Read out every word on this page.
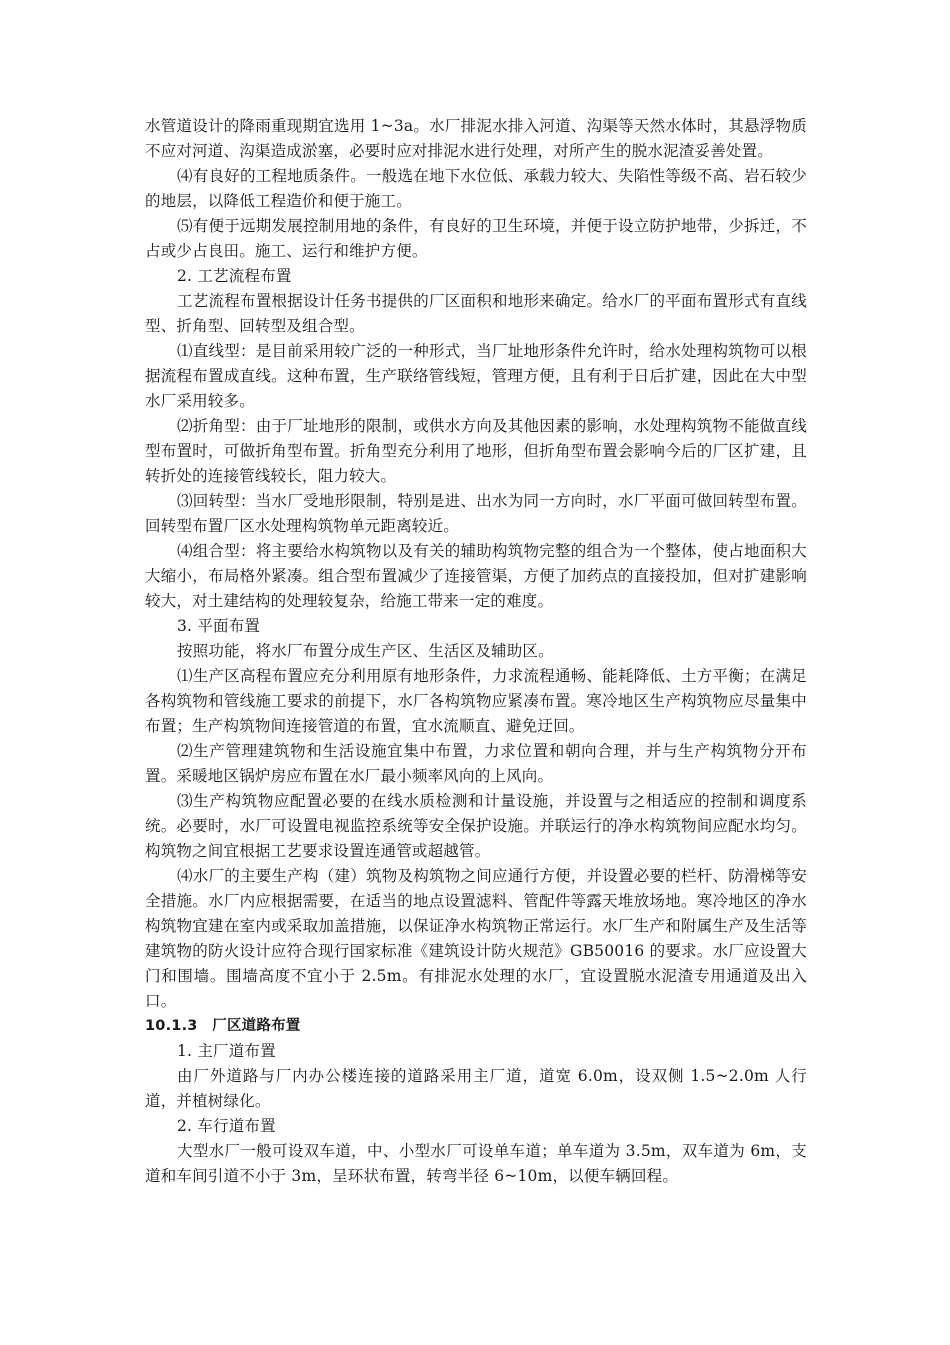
水管道设计的降雨重现期宜选用 1~3a。水厂排泥水排入河道、沟渠等天然水体时，其悬浮物质不应对河道、沟渠造成淤塞，必要时应对排泥水进行处理，对所产生的脱水泥渣妥善处置。

⑷有良好的工程地质条件。一般选在地下水位低、承载力较大、失陷性等级不高、岩石较少的地层，以降低工程造价和便于施工。

⑸有便于远期发展控制用地的条件，有良好的卫生环境，并便于设立防护地带，少拆迁，不占或少占良田。施工、运行和维护方便。

2. 工艺流程布置

工艺流程布置根据设计任务书提供的厂区面积和地形来确定。给水厂的平面布置形式有直线型、折角型、回转型及组合型。

⑴直线型：是目前采用较广泛的一种形式，当厂址地形条件允许时，给水处理构筑物可以根据流程布置成直线。这种布置，生产联络管线短，管理方便，且有利于日后扩建，因此在大中型水厂采用较多。

⑵折角型：由于厂址地形的限制，或供水方向及其他因素的影响，水处理构筑物不能做直线型布置时，可做折角型布置。折角型充分利用了地形，但折角型布置会影响今后的厂区扩建，且转折处的连接管线较长，阻力较大。

⑶回转型：当水厂受地形限制，特别是进、出水为同一方向时，水厂平面可做回转型布置。回转型布置厂区水处理构筑物单元距离较近。

⑷组合型：将主要给水构筑物以及有关的辅助构筑物完整的组合为一个整体，使占地面积大大缩小，布局格外紧凑。组合型布置减少了连接管渠，方便了加药点的直接投加，但对扩建影响较大，对土建结构的处理较复杂，给施工带来一定的难度。

3. 平面布置

按照功能，将水厂布置分成生产区、生活区及辅助区。

⑴生产区高程布置应充分利用原有地形条件，力求流程通畅、能耗降低、土方平衡；在满足各构筑物和管线施工要求的前提下，水厂各构筑物应紧凑布置。寒冷地区生产构筑物应尽量集中布置；生产构筑物间连接管道的布置，宜水流顺直、避免迂回。

⑵生产管理建筑物和生活设施宜集中布置，力求位置和朝向合理，并与生产构筑物分开布置。采暖地区锅炉房应布置在水厂最小频率风向的上风向。

⑶生产构筑物应配置必要的在线水质检测和计量设施，并设置与之相适应的控制和调度系统。必要时，水厂可设置电视监控系统等安全保护设施。并联运行的净水构筑物间应配水均匀。构筑物之间宜根据工艺要求设置连通管或超越管。

⑷水厂的主要生产构（建）筑物及构筑物之间应通行方便，并设置必要的栏杆、防滑梯等安全措施。水厂内应根据需要，在适当的地点设置滤料、管配件等露天堆放场地。寒冷地区的净水构筑物宜建在室内或采取加盖措施，以保证净水构筑物正常运行。水厂生产和附属生产及生活等建筑物的防火设计应符合现行国家标准《建筑设计防火规范》GB50016 的要求。水厂应设置大门和围墙。围墙高度不宜小于 2.5m。有排泥水处理的水厂，宜设置脱水泥渣专用通道及出入口。

10.1.3　厂区道路布置

1. 主厂道布置

由厂外道路与厂内办公楼连接的道路采用主厂道，道宽 6.0m，设双侧 1.5~2.0m 人行道，并植树绿化。

2. 车行道布置

大型水厂一般可设双车道，中、小型水厂可设单车道；单车道为 3.5m，双车道为 6m，支道和车间引道不小于 3m，呈环状布置，转弯半径 6~10m，以便车辆回程。
